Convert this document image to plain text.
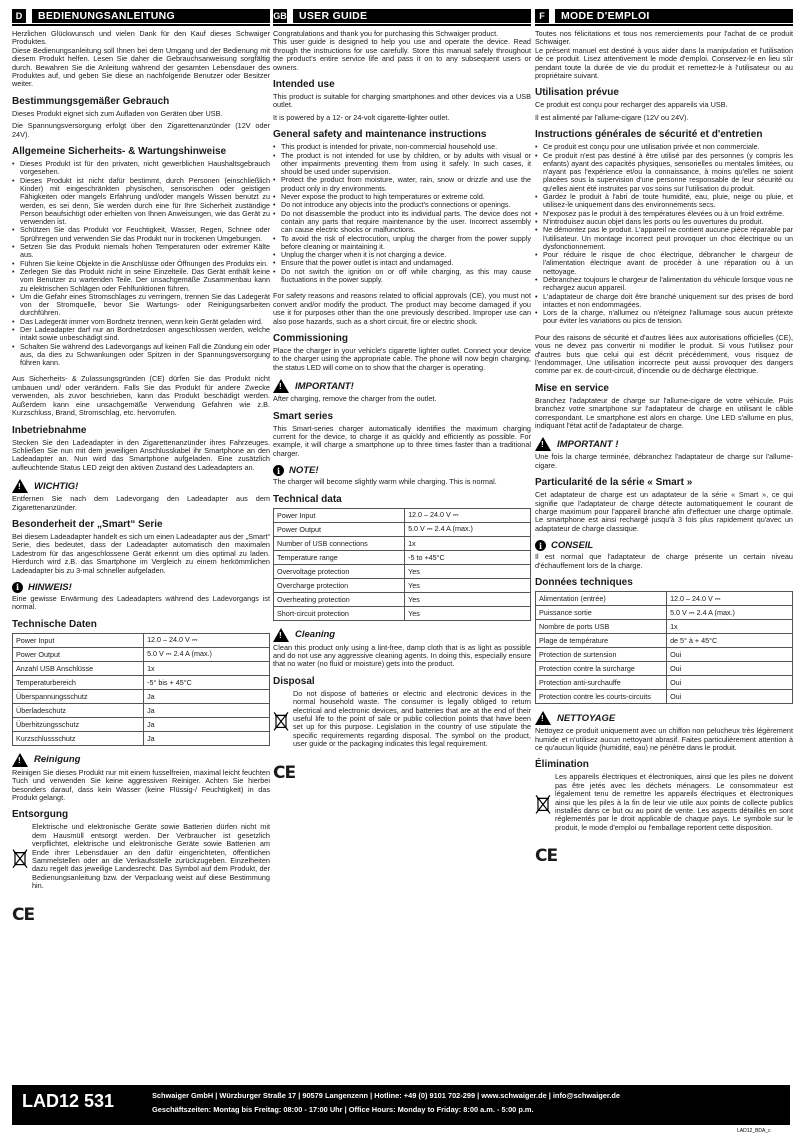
D	BEDIENUNGSANLEITUNG

Herzlichen Glückwunsch und vielen Dank für den Kauf dieses Schwaiger Produktes.
Diese Bedienungsanleitung soll Ihnen bei dem Umgang und der Bedienung mit diesem Produkt helfen. Lesen Sie daher die Gebrauchsanweisung sorgfältig durch. Bewahren Sie die Anleitung während der gesamten Lebensdauer des Produktes auf, und geben Sie diese an nachfolgende Benutzer oder Besitzer weiter.

Bestimmungsgemäßer Gebrauch

Dieses Produkt eignet sich zum Aufladen von Geräten über USB.

Die Spannungsversorgung erfolgt über den Zigarettenanzünder (12V oder 24V).

Allgemeine Sicherheits- & Wartungshinweise
• Dieses Produkt ist für den privaten, nicht gewerblichen Haushaltsgebrauch vorgesehen.
• Dieses Produkt ist nicht dafür bestimmt, durch Personen (einschließlich Kinder) mit eingeschränkten physischen, sensorischen oder geistigen Fähigkeiten oder mangels Erfahrung und/oder mangels Wissen benutzt zu werden, es sei denn, Sie werden durch eine für Ihre Sicherheit zuständige Person beaufsichtigt oder erhielten von Ihnen Anweisungen, wie das Gerät zu verwenden ist.
• Schützen Sie das Produkt vor Feuchtigkeit, Wasser, Regen, Schnee oder Sprühregen und verwenden Sie das Produkt nur in trockenen Umgebungen.
• Setzen Sie das Produkt niemals hohen Temperaturen oder extremer Kälte aus.
• Führen Sie keine Objekte in die Anschlüsse oder Öffnungen des Produkts ein.
• Zerlegen Sie das Produkt nicht in seine Einzelteile. Das Gerät enthält keine vom Benutzer zu wartenden Teile. Der unsachgemäße Zusammenbau kann zu elektrischen Schlägen oder Fehlfunktionen führen.
• Um die Gefahr eines Stromschlages zu verringern, trennen Sie das Ladegerät von der Stromquelle, bevor Sie Wartungs- oder Reinigungsarbeiten durchführen.
• Das Ladegerät immer vom Bordnetz trennen, wenn kein Gerät geladen wird.
• Der Ladeadapter darf nur an Bordnetzdosen angeschlossen werden, welche intakt sowie unbeschädigt sind.
• Schalten Sie während des Ladevorgangs auf keinen Fall die Zündung ein oder aus, da dies zu Schwankungen oder Spitzen in der Spannungsversorgung führen kann.

Aus Sicherheits- & Zulassungsgründen (CE) dürfen Sie das Produkt nicht umbauen und/ oder verändern. Falls Sie das Produkt für andere Zwecke verwenden, als zuvor beschrieben, kann das Produkt beschädigt werden. Außerdem kann eine unsachgemäße Verwendung Gefahren wie z.B. Kurzschluss, Brand, Stromschlag, etc. hervorrufen.

Inbetriebnahme

Stecken Sie den Ladeadapter in den Zigarettenanzünder ihres Fahrzeuges. Schließen Sie nun mit dem jeweiligen Anschlusskabel ihr Smartphone an den Ladeadapter an. Nun wird das Smartphone aufgeladen. Eine zusätzlich aufleuchtende Status LED zeigt den aktiven Zustand des Ladeadapters an.

! WICHTIG!

Entfernen Sie nach dem Ladevorgang den Ladeadapter aus dem Zigarettenanzünder.

Besonderheit der „Smart“ Serie

Bei diesem Ladeadapter handelt es sich um einen Ladeadapter aus der „Smart“ Serie, dies bedeutet, dass der Ladeadapter automatisch den maximalen Ladestrom für das angeschlossene Gerät erkennt um dies optimal zu laden. Hierdurch wird z.B. das Smartphone im Vergleich zu einem herkömmlichen Ladeadapter bis zu 3-mal schneller aufgeladen.

i HINWEIS!

Eine gewisse Erwärmung des Ladeadapters während des Ladevorgangs ist normal.

Technische Daten
Power Input	12.0 – 24.0 V ⎓
Power Output	5.0 V ⎓ 2.4 A (max.)
Anzahl USB Anschlüsse	1x
Temperaturbereich	-5° bis + 45°C
Überspannungsschutz	Ja
Überladeschutz	Ja
Überhitzungsschutz	Ja
Kurzschlussschutz	Ja
! Reinigung

Reinigen Sie dieses Produkt nur mit einem fusselfreien, maximal leicht feuchten Tuch und verwenden Sie keine aggressiven Reiniger. Achten Sie hierbei besonders darauf, dass kein Wasser (keine Flüssig-/ Feuchtigkeit) in das Produkt gelangt.

Entsorgung

Elektrische und elektronische Geräte sowie Batterien dürfen nicht mit dem Hausmüll entsorgt werden. Der Verbraucher ist gesetzlich verpflichtet, elektrische und elektronische Geräte sowie Batterien am Ende ihrer Lebensdauer an den dafür eingerichteten, öffentlichen Sammelstellen oder an die Verkaufsstelle zurückzugeben. Einzelheiten dazu regelt das jeweilige Landesrecht. Das Symbol auf dem Produkt, der Bedienungsanleitung bzw. der Verpackung weist auf diese Bestimmung hin.

CE
GB	USER GUIDE

Congratulations and thank you for purchasing this Schwaiger product.
This user guide is designed to help you use and operate the device. Read through the instructions for use carefully. Store this manual safely throughout the product's entire service life and pass it on to any subsequent users or owners.

Intended use

This product is suitable for charging smartphones and other devices via a USB outlet.

It is powered by a 12- or 24-volt cigarette-lighter outlet.

General safety and maintenance instructions
• This product is intended for private, non-commercial household use.
• The product is not intended for use by children, or by adults with visual or other impairments preventing them from using it safely. In such cases, it should be used under supervision.
• Protect the product from moisture, water, rain, snow or drizzle and use the product only in dry environments.
• Never expose the product to high temperatures or extreme cold.
• Do not introduce any objects into the product's connections or openings.
• Do not disassemble the product into its individual parts. The device does not contain any parts that require maintenance by the user. Incorrect assembly can cause electric shocks or malfunctions.
• To avoid the risk of electrocution, unplug the charger from the power supply before cleaning or maintaining it.
• Unplug the charger when it is not charging a device.
• Ensure that the power outlet is intact and undamaged.
• Do not switch the ignition on or off while charging, as this may cause fluctuations in the power supply.

For safety reasons and reasons related to official approvals (CE), you must not convert and/or modify the product. The product may become damaged if you use it for purposes other than the one previously described. Improper use can also pose hazards, such as a short circuit, fire or electric shock.

Commissioning

Place the charger in your vehicle's cigarette lighter outlet. Connect your device to the charger using the appropriate cable. The phone will now begin charging, the status LED will come on to show that the charger is operating.

! IMPORTANT!

After charging, remove the charger from the outlet.

Smart series

This Smart-series charger automatically identifies the maximum charging current for the device, to charge it as quickly and efficiently as possible. For example, it will charge a smartphone up to three times faster than a traditional charger.

i NOTE!

The charger will become slightly warm while charging. This is normal.

Technical data
Power Input	12.0 – 24.0 V ⎓
Power Output	5.0 V ⎓ 2.4 A (max.)
Number of USB connections	1x
Temperature range	-5 to +45°C
Overvoltage protection	Yes
Overcharge protection	Yes
Overheating protection	Yes
Short-circuit protection	Yes
! Cleaning

Clean this product only using a lint-free, damp cloth that is as light as possible and do not use any aggressive cleaning agents. In doing this, especially ensure that no water (no fluid or moisture) gets into the product.

Disposal

Do not dispose of batteries or electric and electronic devices in the normal household waste. The consumer is legally obliged to return electrical and electronic devices, and batteries that are at the end of their useful life to the point of sale or public collection points that have been set up for this purpose. Legislation in the country of use stipulate the specific requirements regarding disposal. The symbol on the product, user guide or the packaging indicates this legal requirement.

CE
F	MODE D'EMPLOI

Toutes nos félicitations et tous nos remerciements pour l'achat de ce produit Schwaiger.
Le présent manuel est destiné à vous aider dans la manipulation et l'utilisation de ce produit. Lisez attentivement le mode d'emploi. Conservez-le en lieu sûr pendant toute la durée de vie du produit et remettez-le à l'utilisateur ou au propriétaire suivant.

Utilisation prévue

Ce produit est conçu pour recharger des appareils via USB.

Il est alimenté par l'allume-cigare (12V ou 24V).

Instructions générales de sécurité et d'entretien
• Ce produit est conçu pour une utilisation privée et non commerciale.
• Ce produit n'est pas destiné à être utilisé par des personnes (y compris les enfants) ayant des capacités physiques, sensorielles ou mentales limitées, ou n'ayant pas l'expérience et/ou la connaissance, à moins qu'elles ne soient placées sous la supervision d'une personne responsable de leur sécurité ou qu'elles aient été instruites par vos soins sur l'utilisation du produit.
• Gardez le produit à l'abri de toute humidité, eau, pluie, neige ou pluie, et utilisez-le uniquement dans des environnements secs.
• N'exposez pas le produit à des températures élevées ou à un froid extrême.
• N'introduisez aucun objet dans les ports ou les ouvertures du produit.
• Ne démontez pas le produit. L'appareil ne contient aucune pièce réparable par l'utilisateur. Un montage incorrect peut provoquer un choc électrique ou un dysfonctionnement.
• Pour réduire le risque de choc électrique, débrancher le chargeur de l'alimentation électrique avant de procéder à une réparation ou à un nettoyage.
• Débranchez toujours le chargeur de l'alimentation du véhicule lorsque vous ne rechargez aucun appareil.
• L'adaptateur de charge doit être branché uniquement sur des prises de bord intactes et non endommagées.
• Lors de la charge, n'allumez ou n'éteignez l'allumage sous aucun prétexte pour éviter les variations ou pics de tension.

Pour des raisons de sécurité et d'autres liées aux autorisations officielles (CE), vous ne devez pas convertir ni modifier le produit. Si vous l'utilisez pour d'autres buts que celui qui est décrit précédemment, vous risquez de l'endommager. Une utilisation incorrecte peut aussi provoquer des dangers comme par ex. de court-circuit, d'incendie ou de décharge électrique.

Mise en service

Branchez l'adaptateur de charge sur l'allume-cigare de votre véhicule. Puis branchez votre smartphone sur l'adaptateur de charge en utilisant le câble correspondant. Le smartphone est alors en charge. Une LED s'allume en plus, indiquant l'état actif de l'adaptateur de charge.

! IMPORTANT !

Une fois la charge terminée, débranchez l'adaptateur de charge sur l'allume-cigare.

Particularité de la série « Smart »

Cet adaptateur de charge est un adaptateur de la série « Smart », ce qui signifie que l'adaptateur de charge détecte automatiquement le courant de charge maximum pour l'appareil branché afin d'effectuer une charge optimale. Le smartphone est ainsi rechargé jusqu'à 3 fois plus rapidement qu'avec un adaptateur de charge classique.

i CONSEIL

Il est normal que l'adaptateur de charge présente un certain niveau d'échauffement lors de la charge.

Données techniques
Alimentation (entrée)	12.0 – 24.0 V ⎓
Puissance sortie	5.0 V ⎓ 2.4 A (max.)
Nombre de ports USB	1x
Plage de température	de 5° à + 45°C
Protection de surtension	Oui
Protection contre la surcharge	Oui
Protection anti-surchauffe	Oui
Protection contre les courts-circuits	Oui
! NETTOYAGE

Nettoyez ce produit uniquement avec un chiffon non pelucheux très légèrement humide et n'utilisez aucun nettoyant abrasif. Faites particulièrement attention à ce qu'aucun liquide (humidité, eau) ne pénètre dans le produit.

Élimination

Les appareils électriques et électroniques, ainsi que les piles ne doivent pas être jetés avec les déchets ménagers. Le consommateur est légalement tenu de remettre les appareils électriques et électroniques ainsi que les piles à la fin de leur vie utile aux points de collecte publics installés dans ce but ou au point de vente. Les aspects détaillés en sont réglementés par le droit applicable de chaque pays. Le symbole sur le produit, le mode d'emploi ou l'emballage reportent cette disposition.

CE
LAD12 531	Schwaiger GmbH | Würzburger Straße 17 | 90579 Langenzenn | Hotline: +49 (0) 9101 702-299 | www.schwaiger.de | info@schwaiger.de
Geschäftszeiten: Montag bis Freitag: 08:00 - 17:00 Uhr | Office Hours: Monday to Friday: 8:00 a.m. - 5:00 p.m.
LAD12_BDA_c
